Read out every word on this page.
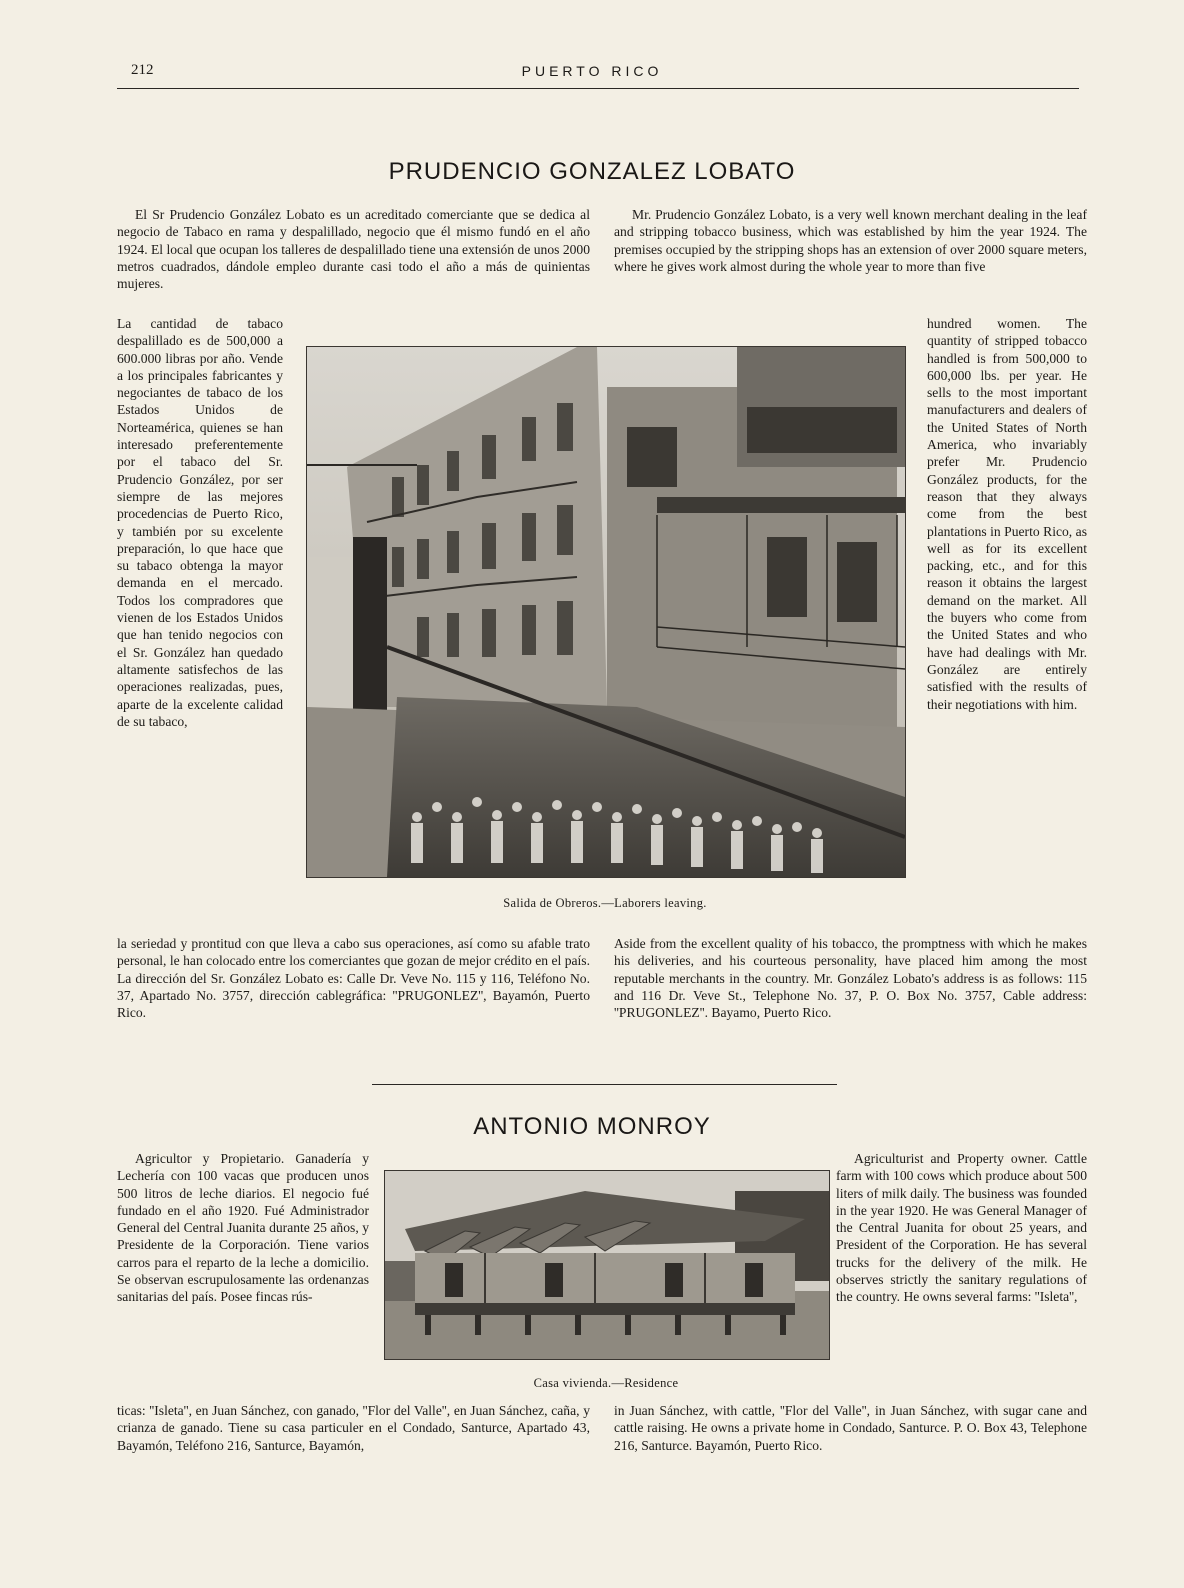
212	PUERTO RICO
PRUDENCIO GONZALEZ LOBATO
El Sr Prudencio González Lobato es un acreditado comerciante que se dedica al negocio de Tabaco en rama y despalillado, negocio que él mismo fundó en el año 1924. El local que ocupan los talleres de despalillado tiene una extensión de unos 2000 metros cuadrados, dándole empleo durante casi todo el año a más de quinientas mujeres.
La cantidad de tabaco despalillado es de 500,000 a 600.000 libras por año. Vende a los principales fabricantes y negociantes de tabaco de los Estados Unidos de Norteamérica, quienes se han interesado preferentemente por el tabaco del Sr. Prudencio González, por ser siempre de las mejores procedencias de Puerto Rico, y también por su excelente preparación, lo que hace que su tabaco obtenga la mayor demanda en el mercado. Todos los compradores que vienen de los Estados Unidos que han tenido negocios con el Sr. González han quedado altamente satisfechos de las operaciones realizadas, pues, aparte de la excelente calidad de su tabaco,
Mr. Prudencio González Lobato, is a very well known merchant dealing in the leaf and stripping tobacco business, which was established by him the year 1924. The premises occupied by the stripping shops has an extension of over 2000 square meters, where he gives work almost during the whole year to more than five
hundred women. The quantity of stripped tobacco handled is from 500,000 to 600,000 lbs. per year. He sells to the most important manufacturers and dealers of the United States of North America, who invariably prefer Mr. Prudencio González products, for the reason that they always come from the best plantations in Puerto Rico, as well as for its excellent packing, etc., and for this reason it obtains the largest demand on the market. All the buyers who come from the United States and who have had dealings with Mr. González are entirely satisfied with the results of their negotiations with him.
Salida de Obreros.—Laborers leaving.
la seriedad y prontitud con que lleva a cabo sus operaciones, así como su afable trato personal, le han colocado entre los comerciantes que gozan de mejor crédito en el país. La dirección del Sr. González Lobato es: Calle Dr. Veve No. 115 y 116, Teléfono No. 37, Apartado No. 3757, dirección cablegráfica: ''PRUGONLEZ'', Bayamón, Puerto Rico.
Aside from the excellent quality of his tobacco, the promptness with which he makes his deliveries, and his courteous personality, have placed him among the most reputable merchants in the country. Mr. González Lobato's address is as follows: 115 and 116 Dr. Veve St., Telephone No. 37, P. O. Box No. 3757, Cable address: ''PRUGONLEZ''. Bayamo, Puerto Rico.
ANTONIO MONROY
Agricultor y Propietario. Ganadería y Lechería con 100 vacas que producen unos 500 litros de leche diarios. El negocio fué fundado en el año 1920. Fué Administrador General del Central Juanita durante 25 años, y Presidente de la Corporación. Tiene varios carros para el reparto de la leche a domicilio. Se observan escrupulosamente las ordenanzas sanitarias del país. Posee fincas rús-
Agriculturist and Property owner. Cattle farm with 100 cows which produce about 500 liters of milk daily. The business was founded in the year 1920. He was General Manager of the Central Juanita for obout 25 years, and President of the Corporation. He has several trucks for the delivery of the milk. He observes strictly the sanitary regulations of the country. He owns several farms: ''Isleta'',
Casa vivienda.—Residence
ticas: ''Isleta'', en Juan Sánchez, con ganado, ''Flor del Valle'', en Juan Sánchez, caña, y crianza de ganado. Tiene su casa particuler en el Condado, Santurce, Apartado 43, Bayamón, Teléfono 216, Santurce, Bayamón,
in Juan Sánchez, with cattle, ''Flor del Valle'', in Juan Sánchez, with sugar cane and cattle raising. He owns a private home in Condado, Santurce. P. O. Box 43, Telephone 216, Santurce. Bayamón, Puerto Rico.
